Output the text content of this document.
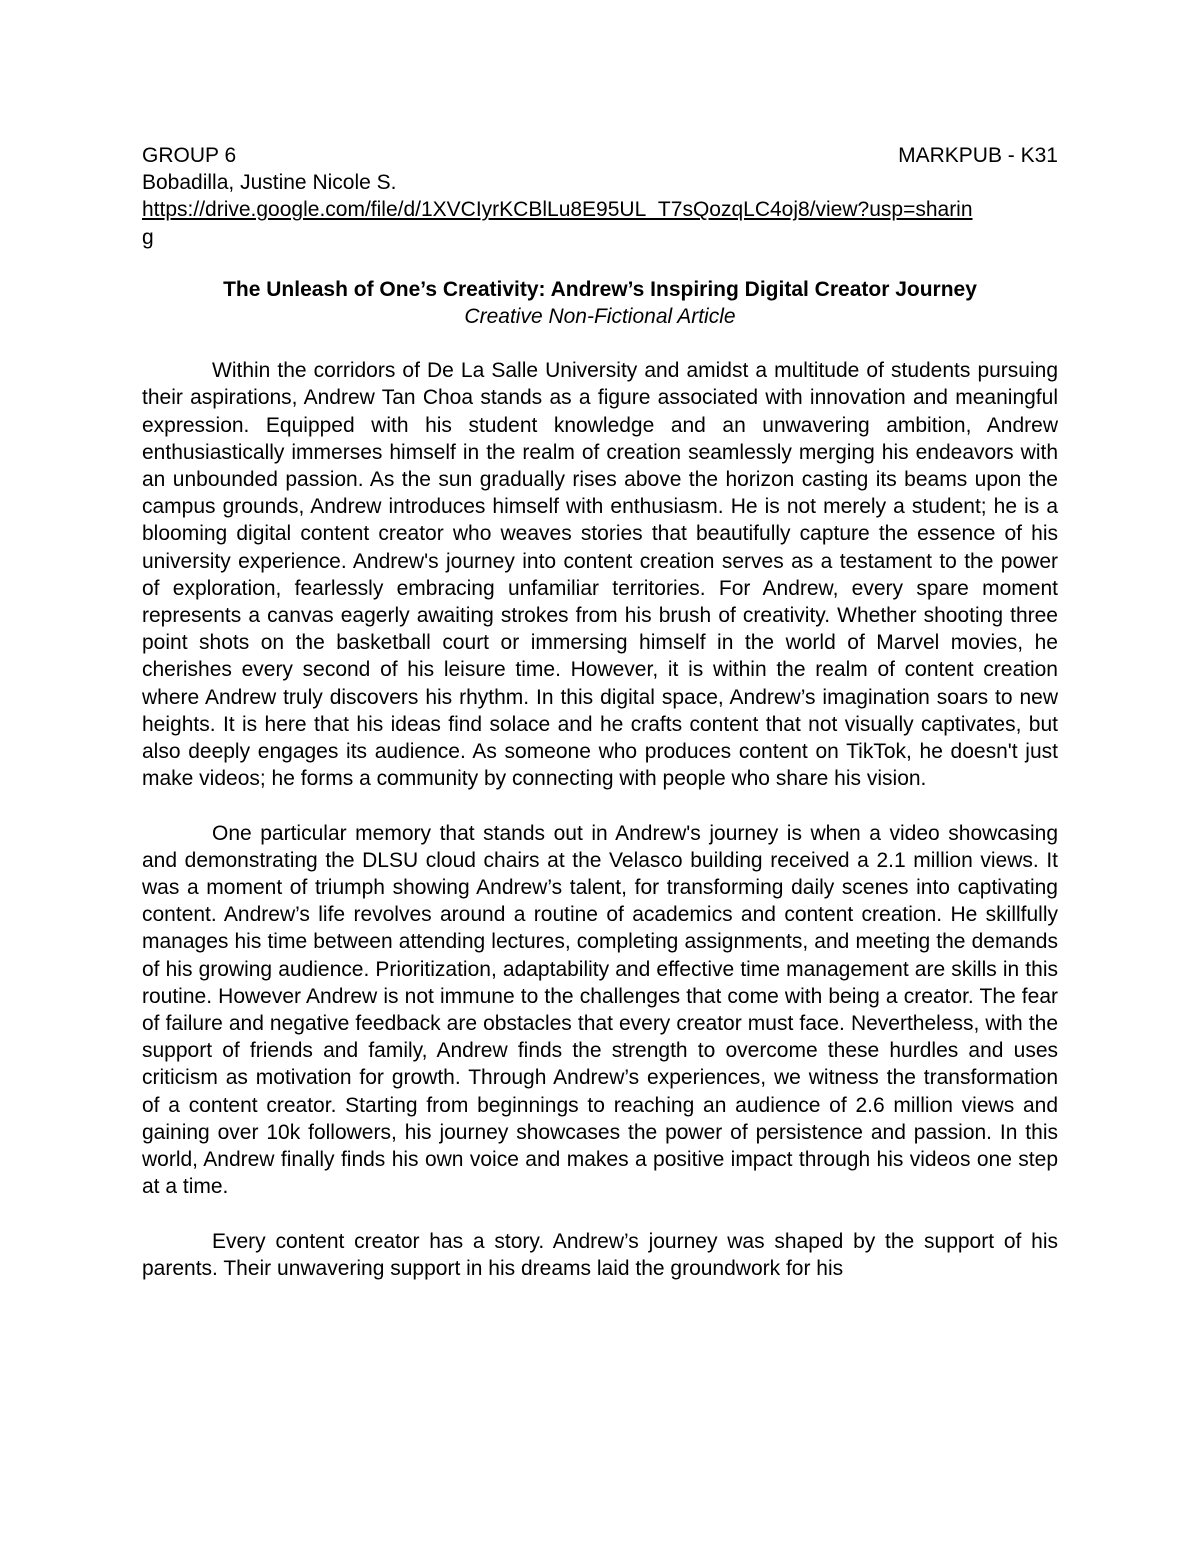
GROUP 6	MARKPUB - K31
Bobadilla, Justine Nicole S.
https://drive.google.com/file/d/1XVCIyrKCBlLu8E95UL_T7sQozqLC4oj8/view?usp=sharing
The Unleash of One’s Creativity: Andrew’s Inspiring Digital Creator Journey
Creative Non-Fictional Article

Within the corridors of De La Salle University and amidst a multitude of students pursuing their aspirations, Andrew Tan Choa stands as a figure associated with innovation and meaningful expression. Equipped with his student knowledge and an unwavering ambition, Andrew enthusiastically immerses himself in the realm of creation seamlessly merging his endeavors with an unbounded passion. As the sun gradually rises above the horizon casting its beams upon the campus grounds, Andrew introduces himself with enthusiasm. He is not merely a student; he is a blooming digital content creator who weaves stories that beautifully capture the essence of his university experience. Andrew's journey into content creation serves as a testament to the power of exploration, fearlessly embracing unfamiliar territories. For Andrew, every spare moment represents a canvas eagerly awaiting strokes from his brush of creativity. Whether shooting three point shots on the basketball court or immersing himself in the world of Marvel movies, he cherishes every second of his leisure time. However, it is within the realm of content creation where Andrew truly discovers his rhythm. In this digital space, Andrew’s imagination soars to new heights. It is here that his ideas find solace and he crafts content that not visually captivates, but also deeply engages its audience. As someone who produces content on TikTok, he doesn't just make videos; he forms a community by connecting with people who share his vision.

One particular memory that stands out in Andrew's journey is when a video showcasing and demonstrating the DLSU cloud chairs at the Velasco building received a 2.1 million views. It was a moment of triumph showing Andrew’s talent, for transforming daily scenes into captivating content. Andrew’s life revolves around a routine of academics and content creation. He skillfully manages his time between attending lectures, completing assignments, and meeting the demands of his growing audience. Prioritization, adaptability and effective time management are skills in this routine. However Andrew is not immune to the challenges that come with being a creator. The fear of failure and negative feedback are obstacles that every creator must face. Nevertheless, with the support of friends and family, Andrew finds the strength to overcome these hurdles and uses criticism as motivation for growth. Through Andrew’s experiences, we witness the transformation of a content creator. Starting from beginnings to reaching an audience of 2.6 million views and gaining over 10k followers, his journey showcases the power of persistence and passion. In this world, Andrew finally finds his own voice and makes a positive impact through his videos one step at a time.

Every content creator has a story. Andrew’s journey was shaped by the support of his parents. Their unwavering support in his dreams laid the groundwork for his
